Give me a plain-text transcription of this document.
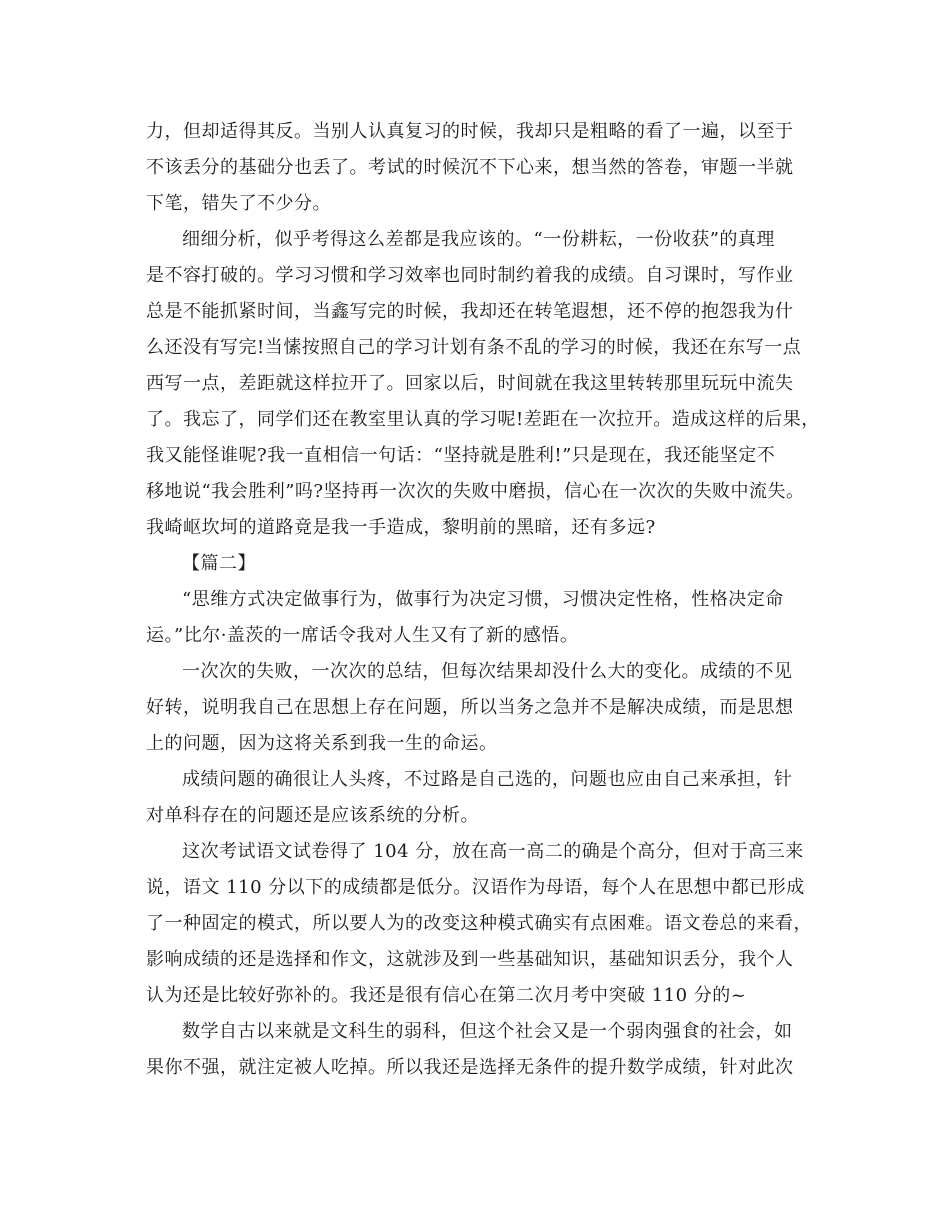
力，但却适得其反。当别人认真复习的时候，我却只是粗略的看了一遍，以至于
不该丢分的基础分也丢了。考试的时候沉不下心来，想当然的答卷，审题一半就
下笔，错失了不少分。
细细分析，似乎考得这么差都是我应该的。“一份耕耘，一份收获”的真理
是不容打破的。学习习惯和学习效率也同时制约着我的成绩。自习课时，写作业
总是不能抓紧时间，当鑫写完的时候，我却还在转笔遐想，还不停的抱怨我为什
么还没有写完!当愫按照自己的学习计划有条不乱的学习的时候，我还在东写一点
西写一点，差距就这样拉开了。回家以后，时间就在我这里转转那里玩玩中流失
了。我忘了，同学们还在教室里认真的学习呢!差距在一次拉开。造成这样的后果，
我又能怪谁呢?我一直相信一句话：“坚持就是胜利!”只是现在，我还能坚定不
移地说“我会胜利”吗?坚持再一次次的失败中磨损，信心在一次次的失败中流失。
我崎岖坎坷的道路竟是我一手造成，黎明前的黑暗，还有多远?
【篇二】
“思维方式决定做事行为，做事行为决定习惯，习惯决定性格，性格决定命
运。”比尔·盖茨的一席话令我对人生又有了新的感悟。
一次次的失败，一次次的总结，但每次结果却没什么大的变化。成绩的不见
好转，说明我自己在思想上存在问题，所以当务之急并不是解决成绩，而是思想
上的问题，因为这将关系到我一生的命运。
成绩问题的确很让人头疼，不过路是自己选的，问题也应由自己来承担，针
对单科存在的问题还是应该系统的分析。
这次考试语文试卷得了 104 分，放在高一高二的确是个高分，但对于高三来
说，语文 110 分以下的成绩都是低分。汉语作为母语，每个人在思想中都已形成
了一种固定的模式，所以要人为的改变这种模式确实有点困难。语文卷总的来看，
影响成绩的还是选择和作文，这就涉及到一些基础知识，基础知识丢分，我个人
认为还是比较好弥补的。我还是很有信心在第二次月考中突破 110 分的~
数学自古以来就是文科生的弱科，但这个社会又是一个弱肉强食的社会，如
果你不强，就注定被人吃掉。所以我还是选择无条件的提升数学成绩，针对此次
